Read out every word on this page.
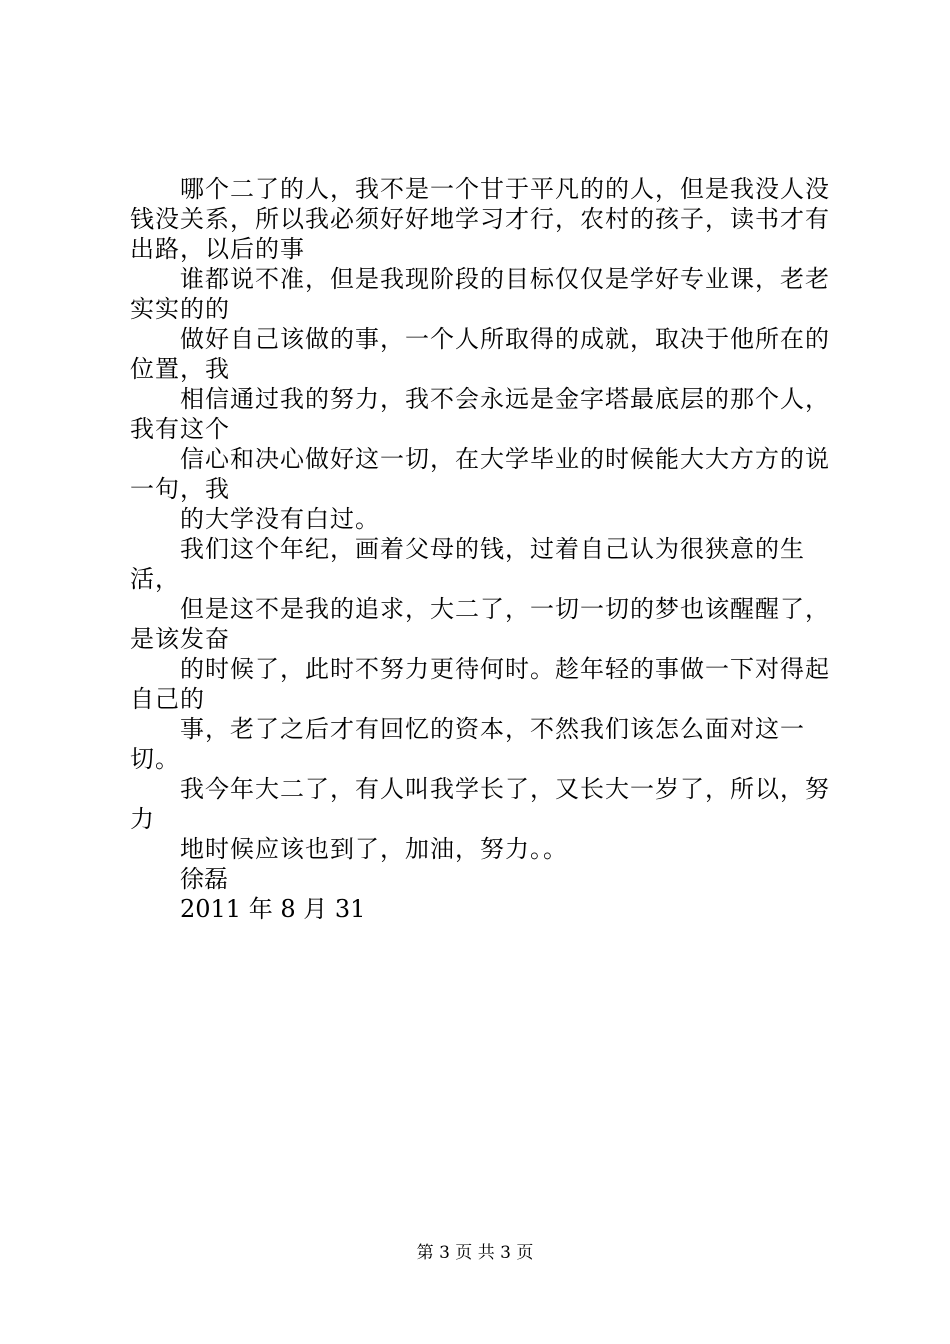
哪个二了的人，我不是一个甘于平凡的的人，但是我没人没钱没关系，所以我必须好好地学习才行，农村的孩子，读书才有出路，以后的事

谁都说不准，但是我现阶段的目标仅仅是学好专业课，老老实实的的

做好自己该做的事，一个人所取得的成就，取决于他所在的位置，我

相信通过我的努力，我不会永远是金字塔最底层的那个人，我有这个

信心和决心做好这一切，在大学毕业的时候能大大方方的说一句，我

的大学没有白过。

我们这个年纪，画着父母的钱，过着自己认为很狭意的生活，

但是这不是我的追求，大二了，一切一切的梦也该醒醒了，是该发奋

的时候了，此时不努力更待何时。趁年轻的事做一下对得起自己的

事，老了之后才有回忆的资本，不然我们该怎么面对这一切。

我今年大二了，有人叫我学长了，又长大一岁了，所以，努力

地时候应该也到了，加油，努力。。

徐磊

2011 年 8 月 31

第 3 页 共 3 页
